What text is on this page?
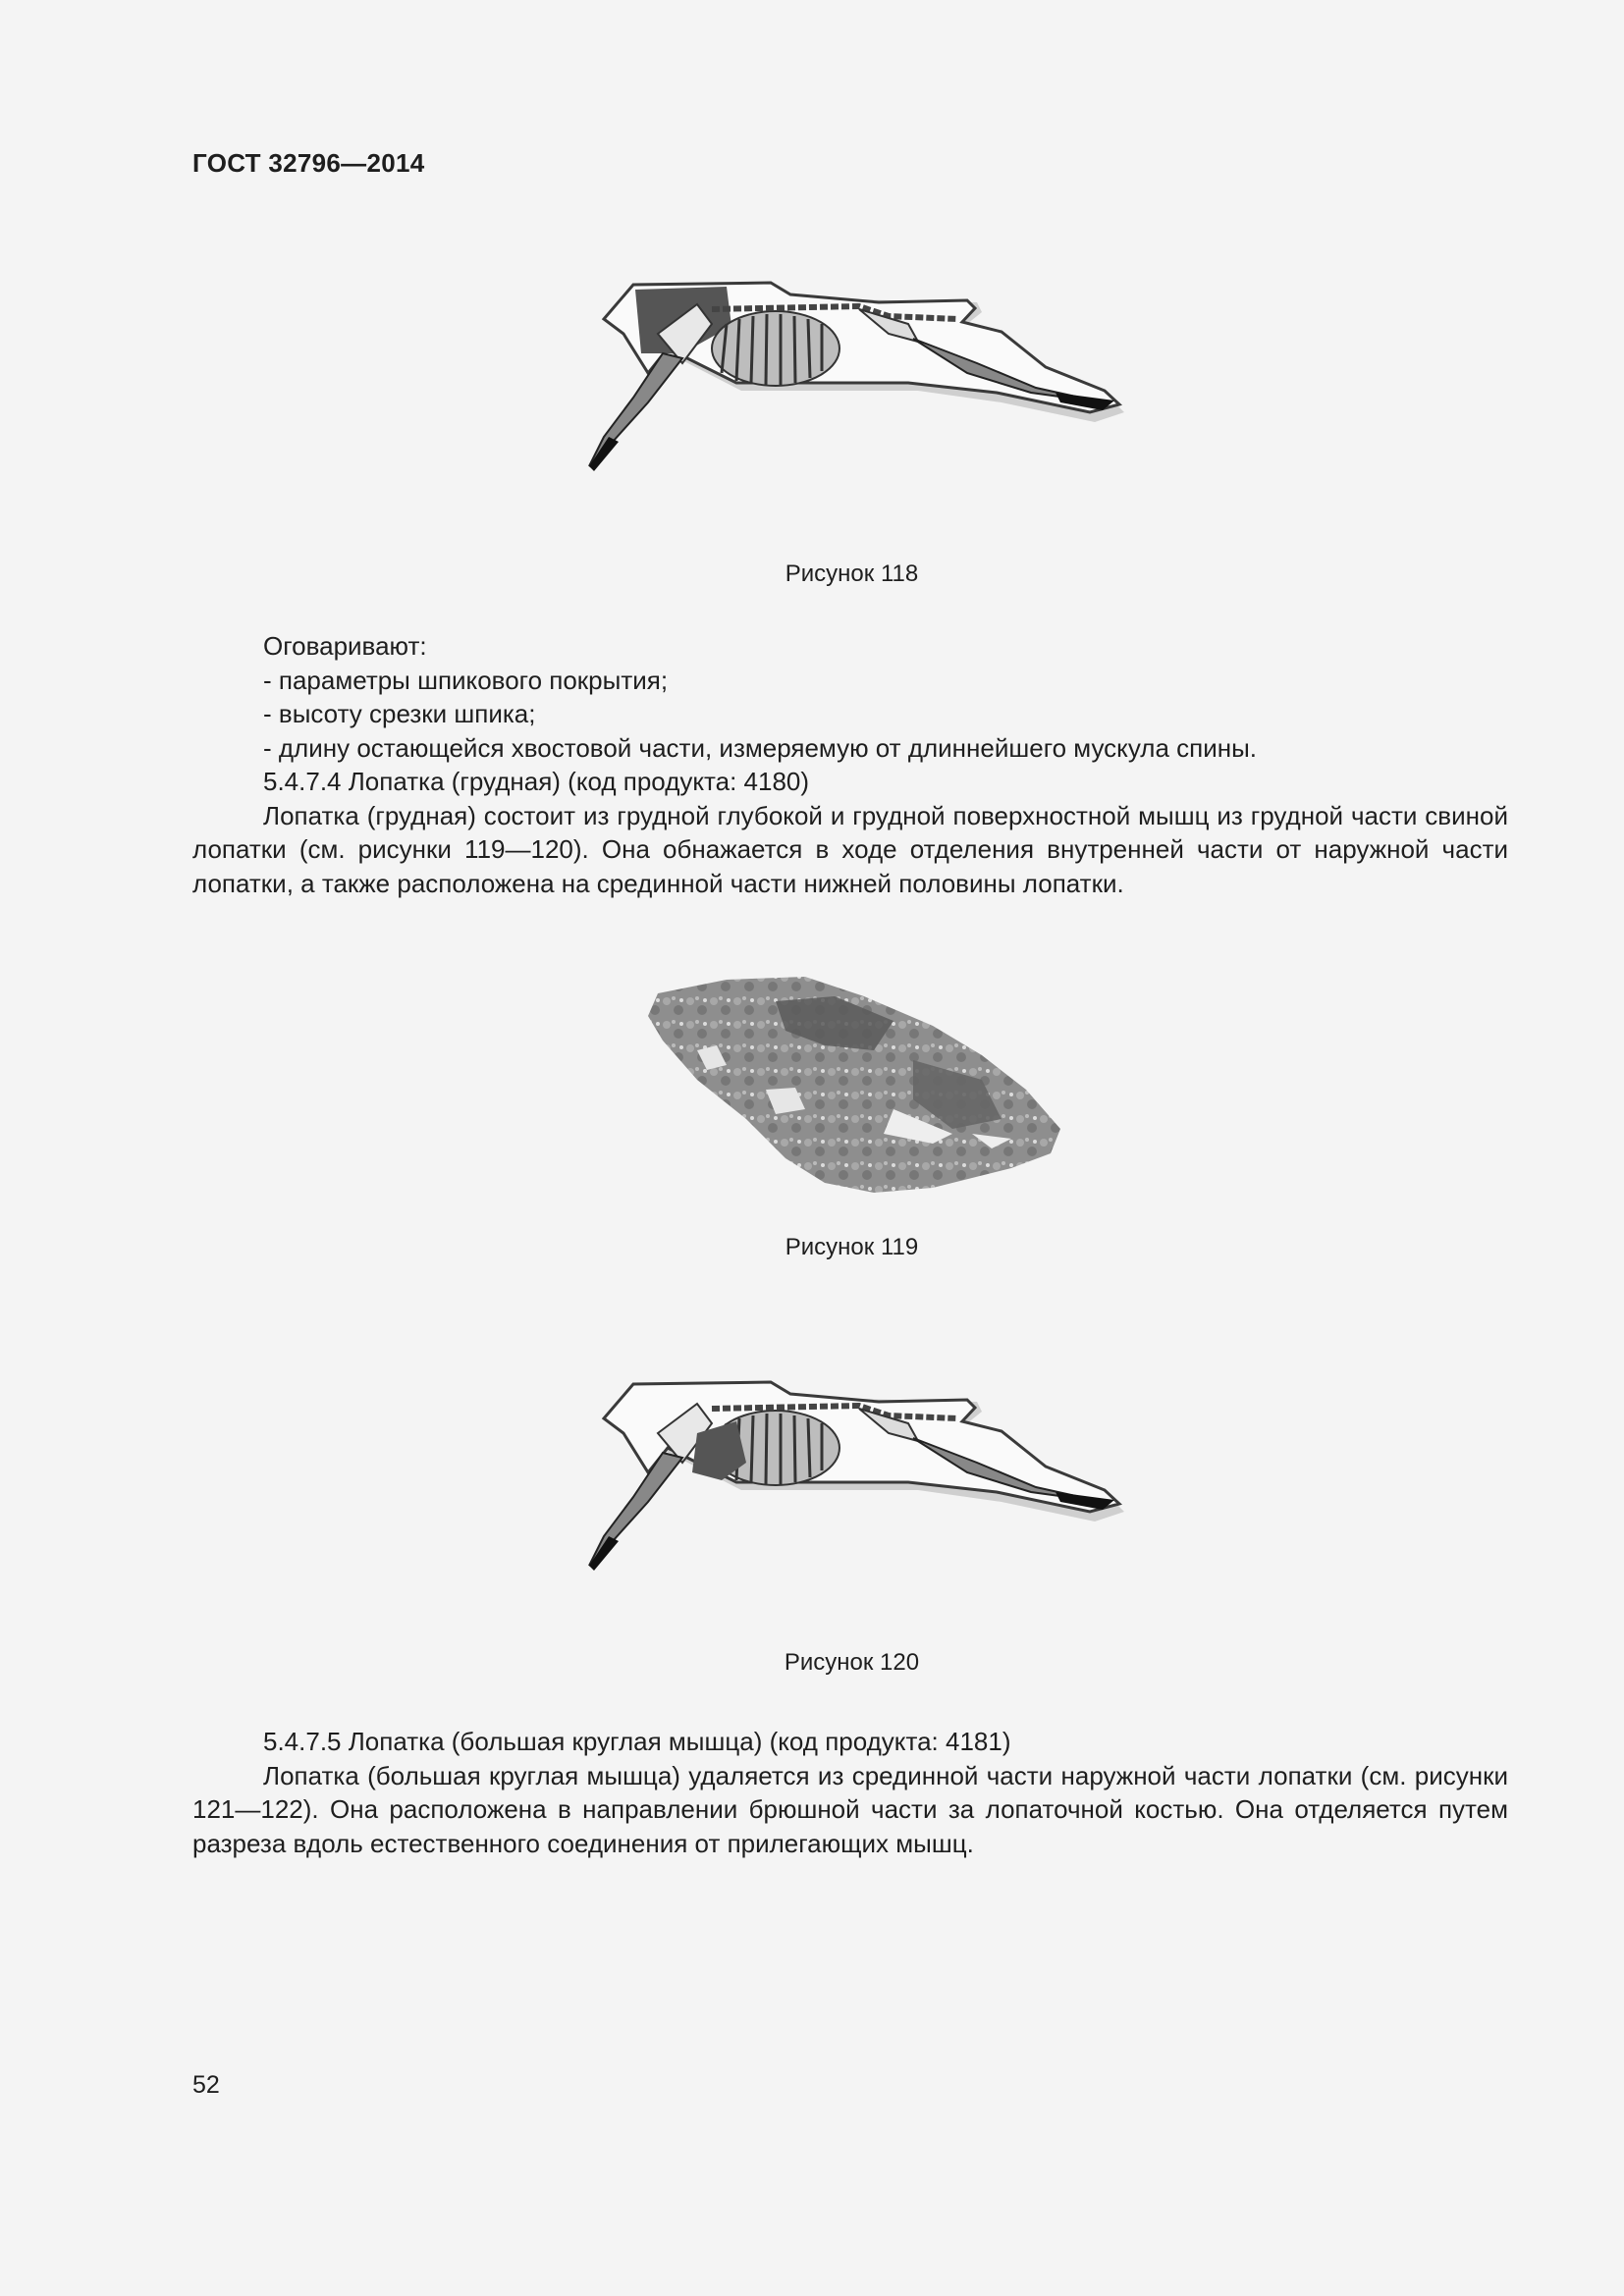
ГОСТ 32796—2014
Рисунок 118

Оговаривают:

- параметры шпикового покрытия;

- высоту срезки шпика;

- длину остающейся хвостовой части, измеряемую от длиннейшего мускула спины.

5.4.7.4 Лопатка (грудная) (код продукта: 4180)

Лопатка (грудная) состоит из грудной глубокой и грудной поверхностной мышц из грудной части свиной лопатки (см. рисунки 119—120). Она обнажается в ходе отделения внутренней части от наружной части лопатки, а также расположена на срединной части нижней половины лопатки.

Рисунок 119
Рисунок 120

5.4.7.5 Лопатка (большая круглая мышца) (код продукта: 4181)

Лопатка (большая круглая мышца) удаляется из срединной части наружной части лопатки (см. рисунки 121—122). Она расположена в направлении брюшной части за лопаточной костью. Она отделяется путем разреза вдоль естественного соединения от прилегающих мышц.

52
